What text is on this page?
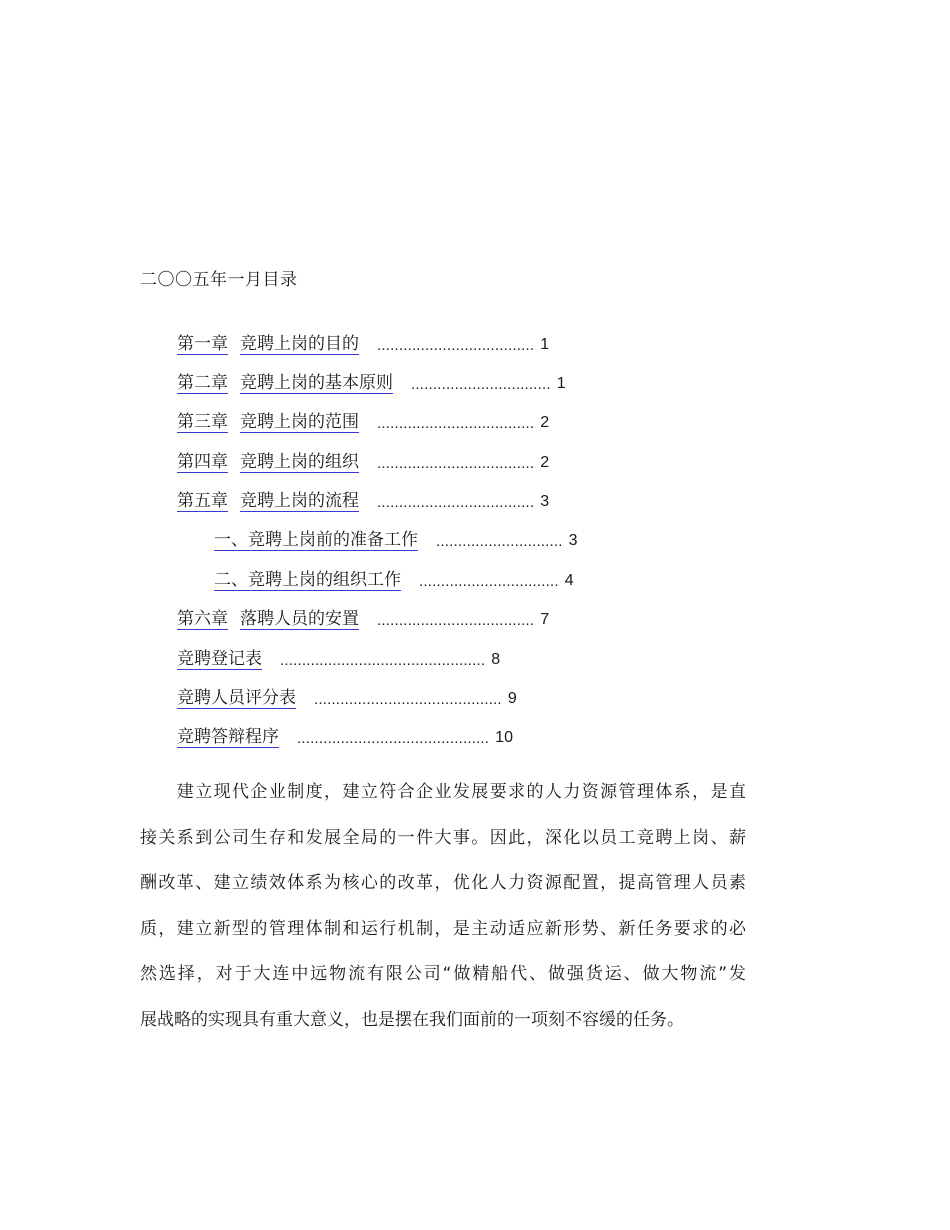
二〇〇五年一月目录
第一章 竞聘上岗的目的	.................................... 1
第二章 竞聘上岗的基本原则	................................ 1
第三章 竞聘上岗的范围	.................................... 2
第四章 竞聘上岗的组织	.................................... 2
第五章 竞聘上岗的流程	.................................... 3
一、竞聘上岗前的准备工作	............................. 3
二、竞聘上岗的组织工作	................................ 4
第六章 落聘人员的安置	.................................... 7
竞聘登记表	............................................... 8
竞聘人员评分表	........................................... 9
竞聘答辩程序	............................................ 10
　　建立现代企业制度，建立符合企业发展要求的人力资源管理体系，是直
接关系到公司生存和发展全局的一件大事。因此，深化以员工竞聘上岗、薪
酬改革、建立绩效体系为核心的改革，优化人力资源配置，提高管理人员素
质，建立新型的管理体制和运行机制，是主动适应新形势、新任务要求的必
然选择，对于大连中远物流有限公司“做精船代、做强货运、做大物流”发
展战略的实现具有重大意义，也是摆在我们面前的一项刻不容缓的任务。
